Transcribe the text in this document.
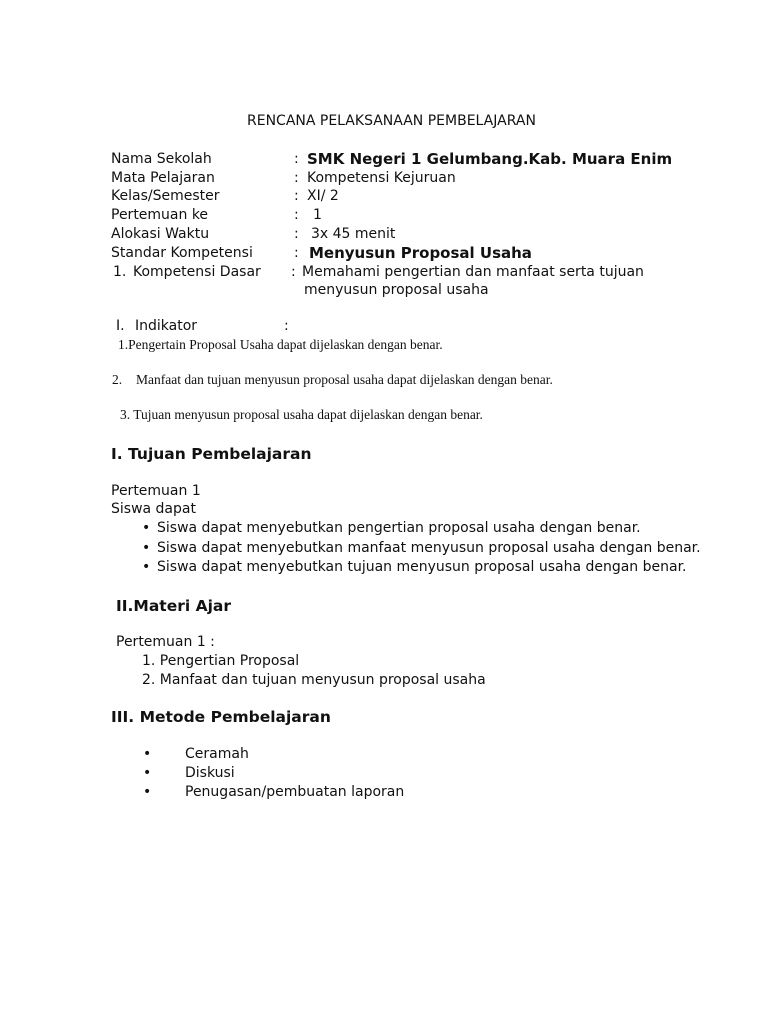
RENCANA PELAKSANAAN PEMBELAJARAN
Nama Sekolah	: SMK Negeri 1 Gelumbang.Kab. Muara Enim
Mata Pelajaran	: Kompetensi Kejuruan
Kelas/Semester	: XI/ 2
Pertemuan ke	: 1
Alokasi Waktu	: 3x 45 menit
Standar Kompetensi	: Menyusun Proposal Usaha
1. Kompetensi Dasar : Memahami pengertian dan manfaat serta tujuan
menyusun proposal usaha
I. Indikator	:
1.Pengertain Proposal Usaha dapat dijelaskan dengan benar.
2. Manfaat dan tujuan menyusun proposal usaha dapat dijelaskan dengan benar.
3. Tujuan menyusun proposal usaha dapat dijelaskan dengan benar.
I. Tujuan Pembelajaran
Pertemuan 1
Siswa dapat
• Siswa dapat menyebutkan pengertian proposal usaha dengan benar.
• Siswa dapat menyebutkan manfaat menyusun proposal usaha dengan benar.
• Siswa dapat menyebutkan tujuan menyusun proposal usaha dengan benar.
II.Materi Ajar
Pertemuan 1 :
1. Pengertian Proposal
2. Manfaat dan tujuan menyusun proposal usaha
III. Metode Pembelajaran
• Ceramah
• Diskusi
• Penugasan/pembuatan laporan
